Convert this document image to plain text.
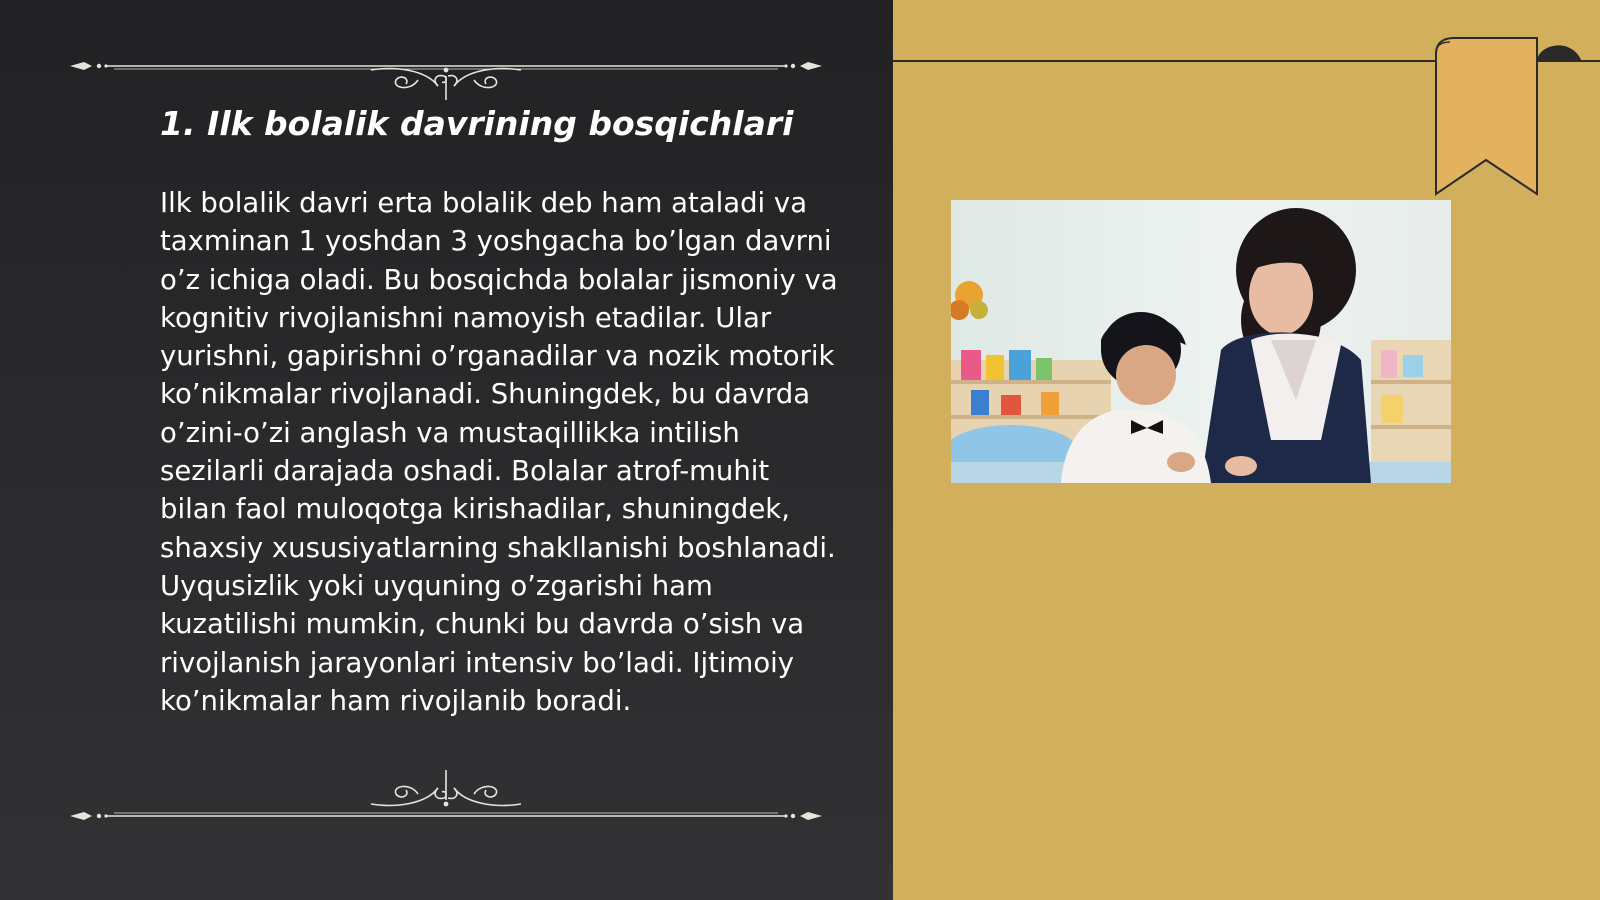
1. Ilk bolalik davrining bosqichlari

Ilk bolalik davri erta bolalik deb ham ataladi va taxminan 1 yoshdan 3 yoshgacha bo’lgan davrni o’z ichiga oladi. Bu bosqichda bolalar jismoniy va kognitiv rivojlanishni namoyish etadilar. Ular yurishni, gapirishni o’rganadilar va nozik motorik ko’nikmalar rivojlanadi. Shuningdek, bu davrda o’zini-o’zi anglash va mustaqillikka intilish sezilarli darajada oshadi. Bolalar atrof-muhit bilan faol muloqotga kirishadilar, shuningdek, shaxsiy xususiyatlarning shakllanishi boshlanadi. Uyqusizlik yoki uyquning o’zgarishi ham kuzatilishi mumkin, chunki bu davrda o’sish va rivojlanish jarayonlari intensiv bo’ladi. Ijtimoiy ko’nikmalar ham rivojlanib boradi.
